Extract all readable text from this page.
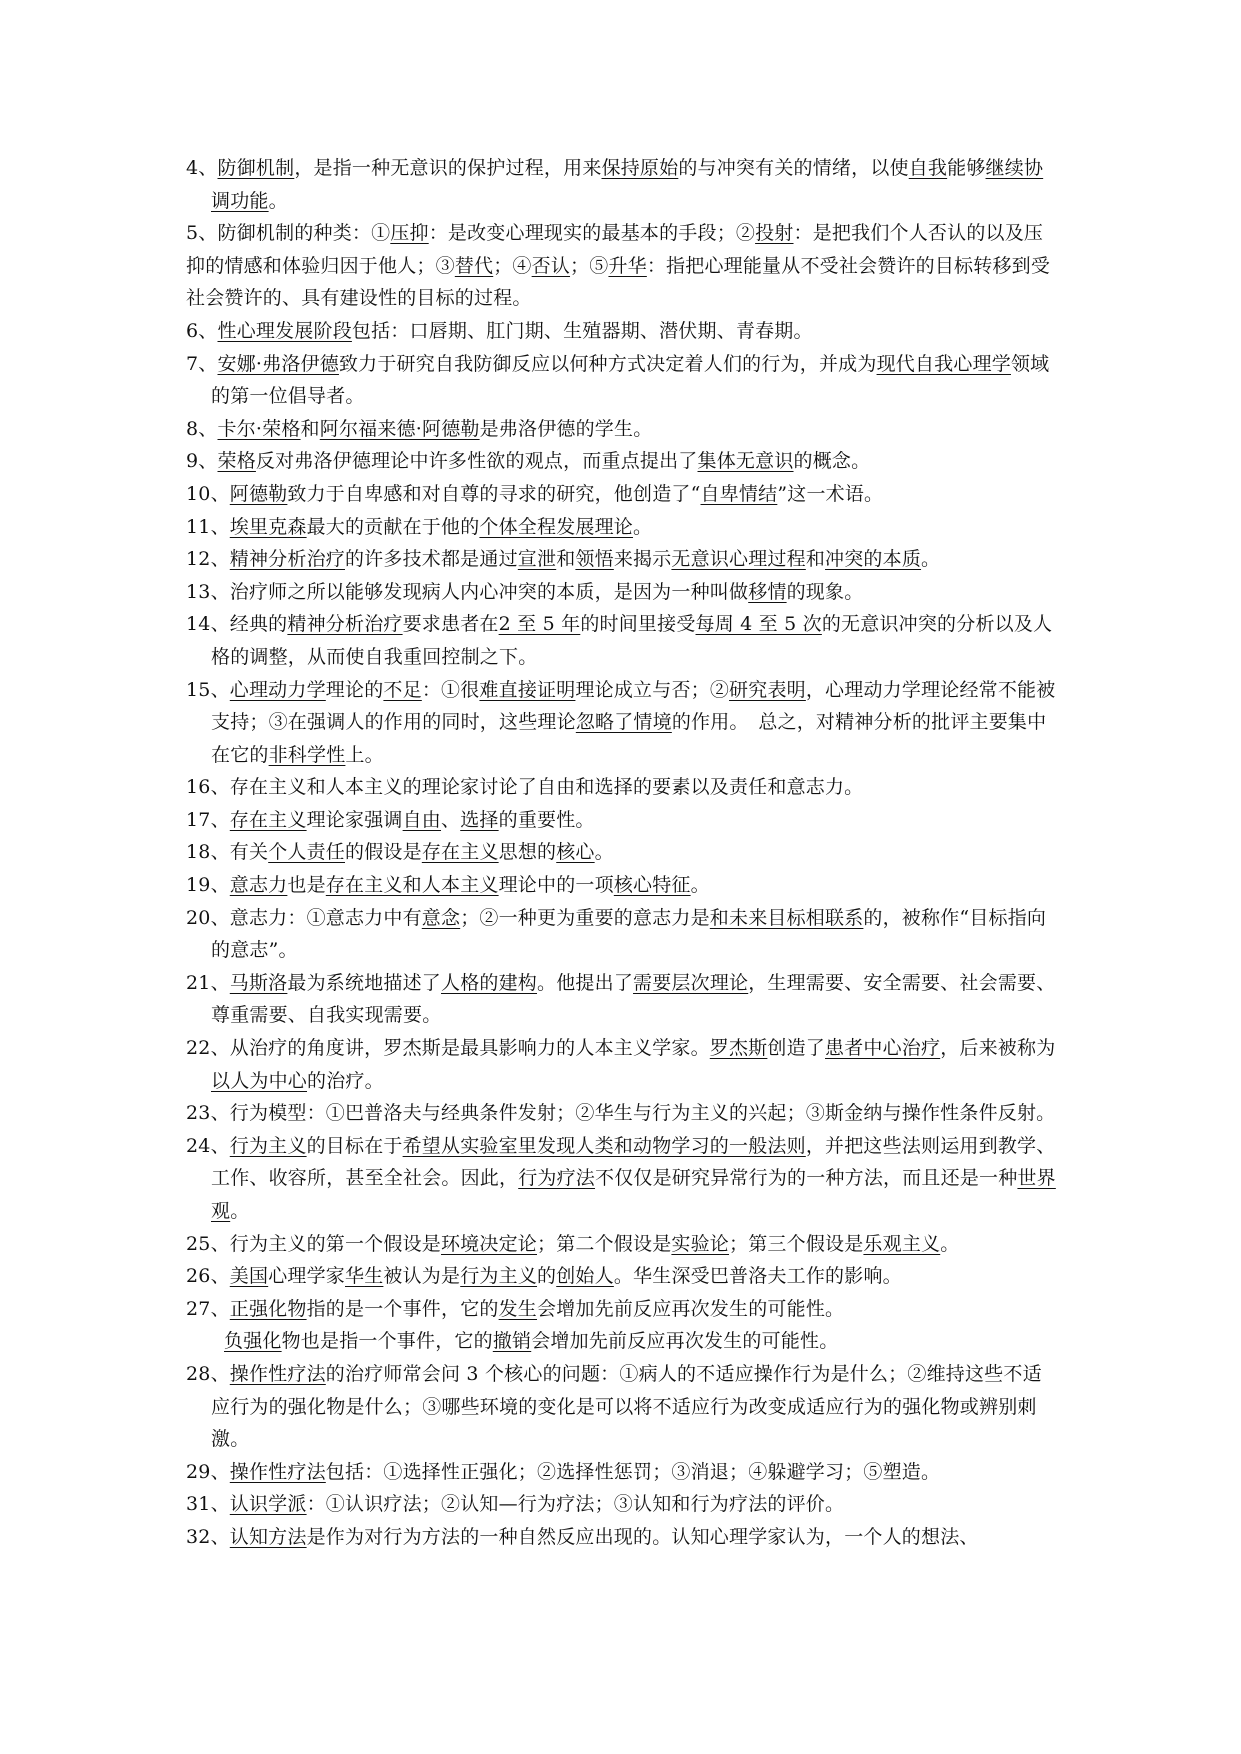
4、防御机制，是指一种无意识的保护过程，用来保持原始的与冲突有关的情绪，以使自我能够继续协调功能。

5、防御机制的种类：①压抑：是改变心理现实的最基本的手段；②投射：是把我们个人否认的以及压抑的情感和体验归因于他人；③替代；④否认；⑤升华：指把心理能量从不受社会赞许的目标转移到受社会赞许的、具有建设性的目标的过程。

6、性心理发展阶段包括：口唇期、肛门期、生殖器期、潜伏期、青春期。

7、安娜·弗洛伊德致力于研究自我防御反应以何种方式决定着人们的行为，并成为现代自我心理学领域的第一位倡导者。

8、卡尔·荣格和阿尔福来德·阿德勒是弗洛伊德的学生。

9、荣格反对弗洛伊德理论中许多性欲的观点，而重点提出了集体无意识的概念。

10、阿德勒致力于自卑感和对自尊的寻求的研究，他创造了“自卑情结”这一术语。

11、埃里克森最大的贡献在于他的个体全程发展理论。

12、精神分析治疗的许多技术都是通过宣泄和领悟来揭示无意识心理过程和冲突的本质。

13、治疗师之所以能够发现病人内心冲突的本质，是因为一种叫做移情的现象。

14、经典的精神分析治疗要求患者在2 至 5 年的时间里接受每周 4 至 5 次的无意识冲突的分析以及人格的调整，从而使自我重回控制之下。

15、心理动力学理论的不足：①很难直接证明理论成立与否；②研究表明，心理动力学理论经常不能被支持；③在强调人的作用的同时，这些理论忽略了情境的作用。　总之，对精神分析的批评主要集中在它的非科学性上。

16、存在主义和人本主义的理论家讨论了自由和选择的要素以及责任和意志力。

17、存在主义理论家强调自由、选择的重要性。

18、有关个人责任的假设是存在主义思想的核心。

19、意志力也是存在主义和人本主义理论中的一项核心特征。

20、意志力：①意志力中有意念；②一种更为重要的意志力是和未来目标相联系的，被称作“目标指向的意志”。

21、马斯洛最为系统地描述了人格的建构。他提出了需要层次理论，生理需要、安全需要、社会需要、尊重需要、自我实现需要。

22、从治疗的角度讲，罗杰斯是最具影响力的人本主义学家。罗杰斯创造了患者中心治疗，后来被称为以人为中心的治疗。

23、行为模型：①巴普洛夫与经典条件发射；②华生与行为主义的兴起；③斯金纳与操作性条件反射。

24、行为主义的目标在于希望从实验室里发现人类和动物学习的一般法则，并把这些法则运用到教学、工作、收容所，甚至全社会。因此，行为疗法不仅仅是研究异常行为的一种方法，而且还是一种世界观。

25、行为主义的第一个假设是环境决定论；第二个假设是实验论；第三个假设是乐观主义。

26、美国心理学家华生被认为是行为主义的创始人。华生深受巴普洛夫工作的影响。

27、正强化物指的是一个事件，它的发生会增加先前反应再次发生的可能性。

负强化物也是指一个事件，它的撤销会增加先前反应再次发生的可能性。

28、操作性疗法的治疗师常会问 3 个核心的问题：①病人的不适应操作行为是什么；②维持这些不适应行为的强化物是什么；③哪些环境的变化是可以将不适应行为改变成适应行为的强化物或辨别刺激。

29、操作性疗法包括：①选择性正强化；②选择性惩罚；③消退；④躲避学习；⑤塑造。

31、认识学派：①认识疗法；②认知—行为疗法；③认知和行为疗法的评价。

32、认知方法是作为对行为方法的一种自然反应出现的。认知心理学家认为，一个人的想法、
